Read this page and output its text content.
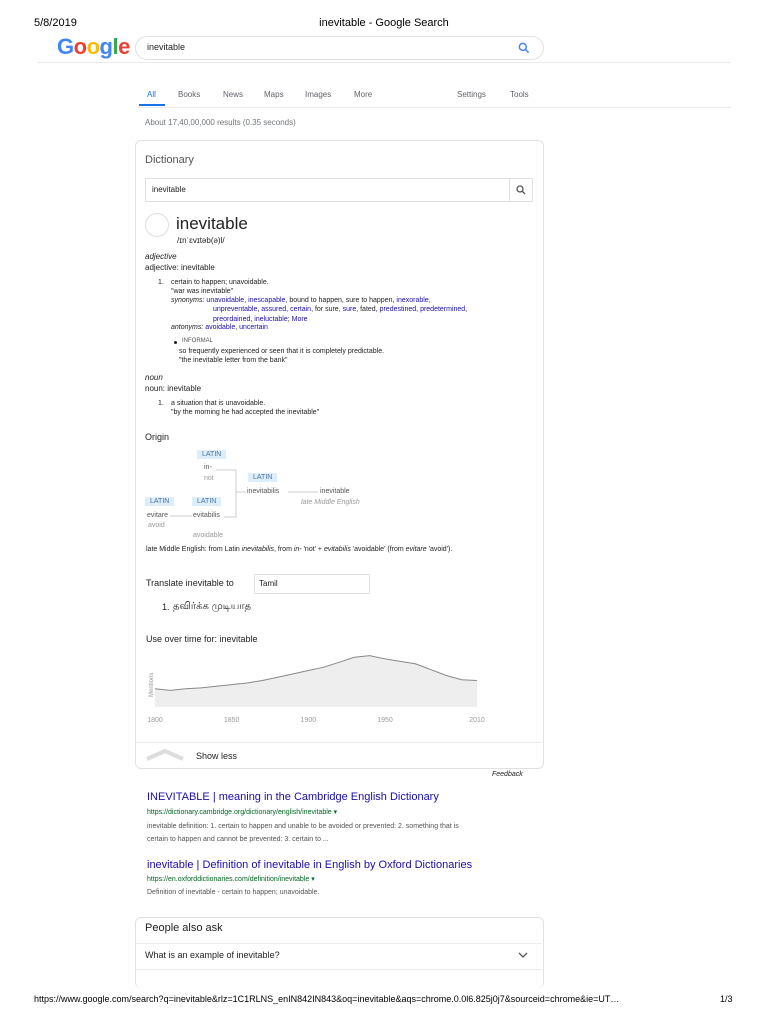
5/8/2019	inevitable - Google Search
Google inevitable
All	Books	News	Maps	Images	More	Settings	Tools
About 17,40,00,000 results (0.35 seconds)
Dictionary
inevitable
inevitable
/ɪnˈɛvɪtəb(ə)l/
adjective
adjective: inevitable
1. certain to happen; unavoidable.
"war was inevitable"
synonyms: unavoidable, inescapable, bound to happen, sure to happen, inexorable,
unpreventable, assured, certain, for sure, sure, fated, predestined, predetermined,
preordained, ineluctable; More
antonyms: avoidable, uncertain
INFORMAL
so frequently experienced or seen that it is completely predictable.
"the inevitable letter from the bank"
noun
noun: inevitable
1. a situation that is unavoidable.
"by the morning he had accepted the inevitable"
Origin
LATIN
in-
not	LATIN
inevitabilis	inevitable
late Middle English
LATIN	LATIN
evitare
avoid
evitabilis
avoidable
late Middle English: from Latin inevitabilis, from in- 'not' + evitabilis 'avoidable' (from evitare 'avoid').
Translate inevitable to	Tamil
1. தவிர்க்க முடியாத
Use over time for: inevitable
Mentions
1800	1850	1900	1950	2010
Show less
Feedback
INEVITABLE | meaning in the Cambridge English Dictionary
https://dictionary.cambridge.org/dictionary/english/inevitable ▾
inevitable definition: 1. certain to happen and unable to be avoided or prevented: 2. something that is
certain to happen and cannot be prevented: 3. certain to ...
inevitable | Definition of inevitable in English by Oxford Dictionaries
https://en.oxforddictionaries.com/definition/inevitable ▾
Definition of inevitable - certain to happen; unavoidable.
People also ask
What is an example of inevitable?
https://www.google.com/search?q=inevitable&rlz=1C1RLNS_enIN842IN843&oq=inevitable&aqs=chrome.0.0l6.825j0j7&sourceid=chrome&ie=UT…	1/3
